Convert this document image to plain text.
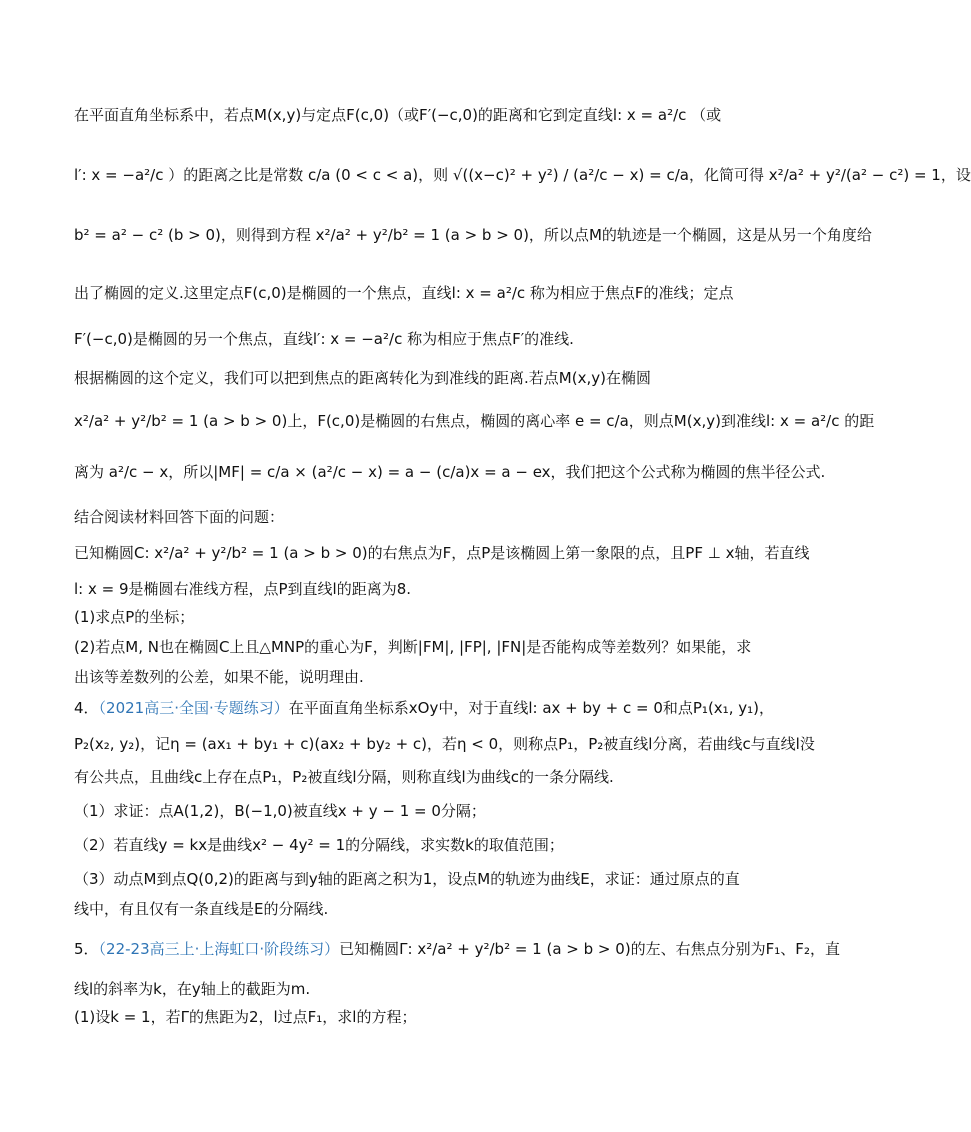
在平面直角坐标系中，若点M(x,y)与定点F(c,0)（或F′(−c,0)的距离和它到定直线l: x = a²/c （或
l′: x = −a²/c ）的距离之比是常数 c/a (0 < c < a)，则 √((x−c)² + y²) / (a²/c − x) = c/a，化简可得 x²/a² + y²/(a² − c²) = 1，设
b² = a² − c² (b > 0)，则得到方程 x²/a² + y²/b² = 1 (a > b > 0)，所以点M的轨迹是一个椭圆，这是从另一个角度给
出了椭圆的定义.这里定点F(c,0)是椭圆的一个焦点，直线l: x = a²/c 称为相应于焦点F的准线；定点
F′(−c,0)是椭圆的另一个焦点，直线l′: x = −a²/c 称为相应于焦点F′的准线.
根据椭圆的这个定义，我们可以把到焦点的距离转化为到准线的距离.若点M(x,y)在椭圆
x²/a² + y²/b² = 1 (a > b > 0)上，F(c,0)是椭圆的右焦点，椭圆的离心率 e = c/a，则点M(x,y)到准线l: x = a²/c 的距
离为 a²/c − x，所以|MF| = c/a × (a²/c − x) = a − (c/a)x = a − ex，我们把这个公式称为椭圆的焦半径公式.
结合阅读材料回答下面的问题：
已知椭圆C: x²/a² + y²/b² = 1 (a > b > 0)的右焦点为F，点P是该椭圆上第一象限的点，且PF ⊥ x轴，若直线
l: x = 9是椭圆右准线方程，点P到直线l的距离为8.
(1)求点P的坐标；
(2)若点M, N也在椭圆C上且△MNP的重心为F，判断|FM|, |FP|, |FN|是否能构成等差数列？如果能，求
出该等差数列的公差，如果不能，说明理由.
4．（2021高三·全国·专题练习）在平面直角坐标系xOy中，对于直线l: ax + by + c = 0和点P₁(x₁, y₁)，
P₂(x₂, y₂)，记η = (ax₁ + by₁ + c)(ax₂ + by₂ + c)，若η < 0，则称点P₁，P₂被直线l分离，若曲线c与直线l没
有公共点，且曲线c上存在点P₁，P₂被直线l分隔，则称直线l为曲线c的一条分隔线.
（1）求证：点A(1,2)，B(−1,0)被直线x + y − 1 = 0分隔；
（2）若直线y = kx是曲线x² − 4y² = 1的分隔线，求实数k的取值范围；
（3）动点M到点Q(0,2)的距离与到y轴的距离之积为1，设点M的轨迹为曲线E，求证：通过原点的直
线中，有且仅有一条直线是E的分隔线.
5．（22-23高三上·上海虹口·阶段练习）已知椭圆Γ: x²/a² + y²/b² = 1 (a > b > 0)的左、右焦点分别为F₁、F₂，直
线l的斜率为k，在y轴上的截距为m.
(1)设k = 1，若Γ的焦距为2，l过点F₁，求l的方程；
